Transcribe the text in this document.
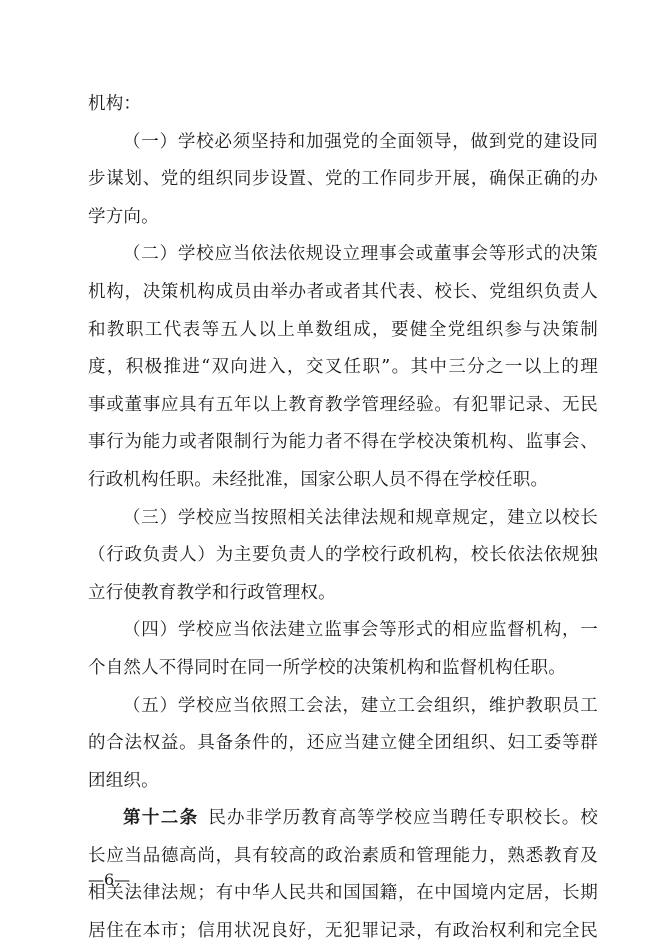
机构：
（一）学校必须坚持和加强党的全面领导，做到党的建设同
步谋划、党的组织同步设置、党的工作同步开展，确保正确的办
学方向。
（二）学校应当依法依规设立理事会或董事会等形式的决策
机构，决策机构成员由举办者或者其代表、校长、党组织负责人
和教职工代表等五人以上单数组成，要健全党组织参与决策制
度，积极推进“双向进入，交叉任职”。其中三分之一以上的理
事或董事应具有五年以上教育教学管理经验。有犯罪记录、无民
事行为能力或者限制行为能力者不得在学校决策机构、监事会、
行政机构任职。未经批准，国家公职人员不得在学校任职。
（三）学校应当按照相关法律法规和规章规定，建立以校长
（行政负责人）为主要负责人的学校行政机构，校长依法依规独
立行使教育教学和行政管理权。
（四）学校应当依法建立监事会等形式的相应监督机构，一
个自然人不得同时在同一所学校的决策机构和监督机构任职。
（五）学校应当依照工会法，建立工会组织，维护教职员工
的合法权益。具备条件的，还应当建立健全团组织、妇工委等群
团组织。
第十二条  民办非学历教育高等学校应当聘任专职校长。校
长应当品德高尚，具有较高的政治素质和管理能力，熟悉教育及
相关法律法规；有中华人民共和国国籍，在中国境内定居，长期
居住在本市；信用状况良好，无犯罪记录，有政治权利和完全民
—6—
